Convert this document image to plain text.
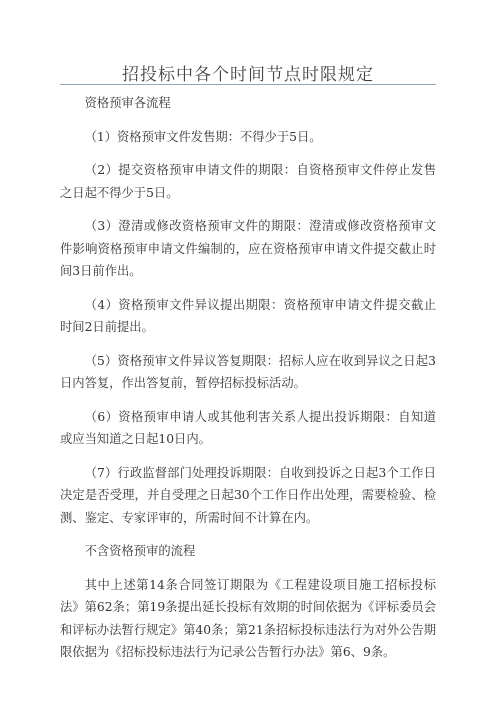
招投标中各个时间节点时限规定

资格预审各流程

（1）资格预审文件发售期：不得少于5日。

（2）提交资格预审申请文件的期限：自资格预审文件停止发售之日起不得少于5日。

（3）澄清或修改资格预审文件的期限：澄清或修改资格预审文件影响资格预审申请文件编制的，应在资格预审申请文件提交截止时间3日前作出。

（4）资格预审文件异议提出期限：资格预审申请文件提交截止时间2日前提出。

（5）资格预审文件异议答复期限：招标人应在收到异议之日起3日内答复，作出答复前，暂停招标投标活动。

（6）资格预审申请人或其他利害关系人提出投诉期限：自知道或应当知道之日起10日内。

（7）行政监督部门处理投诉期限：自收到投诉之日起3个工作日决定是否受理，并自受理之日起30个工作日作出处理，需要检验、检测、鉴定、专家评审的，所需时间不计算在内。

不含资格预审的流程

其中上述第14条合同签订期限为《工程建设项目施工招标投标法》第62条；第19条提出延长投标有效期的时间依据为《评标委员会和评标办法暂行规定》第40条；第21条招标投标违法行为对外公告期限依据为《招标投标违法行为记录公告暂行办法》第6、9条。
